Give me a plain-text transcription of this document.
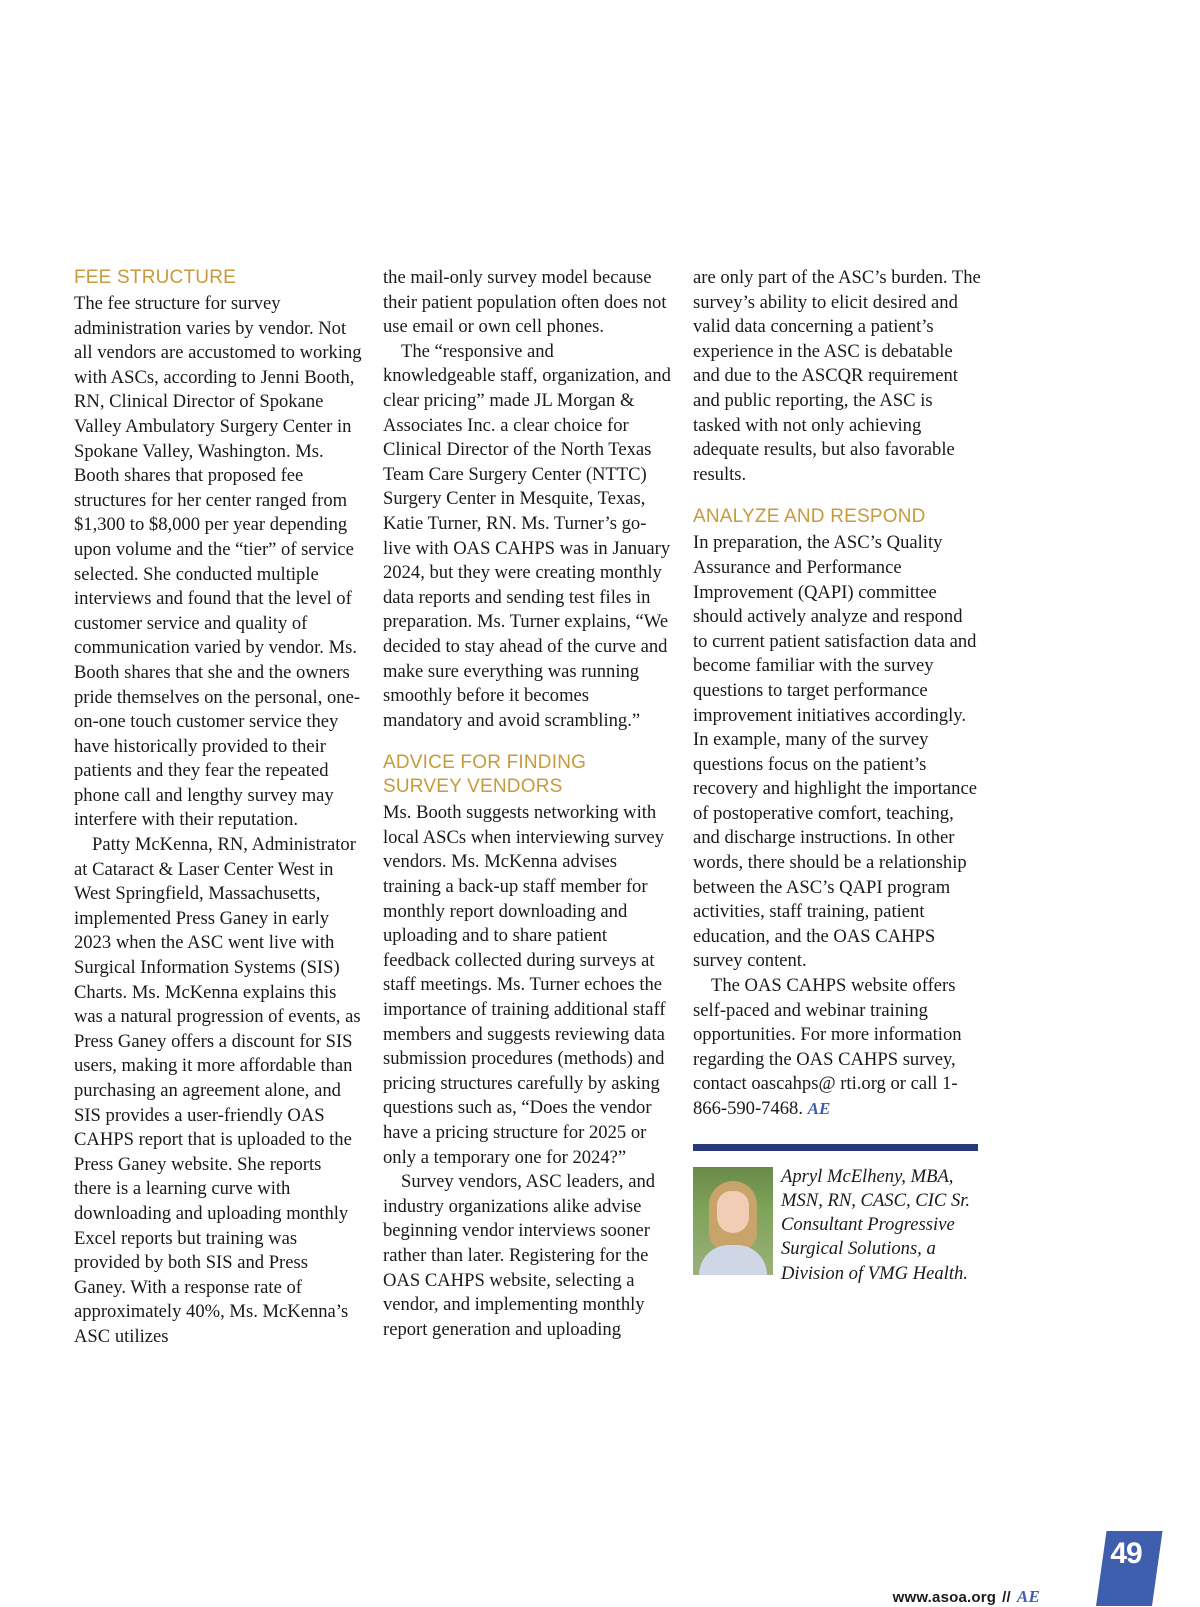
FEE STRUCTURE

The fee structure for survey administration varies by vendor. Not all vendors are accustomed to working with ASCs, according to Jenni Booth, RN, Clinical Director of Spokane Valley Ambulatory Surgery Center in Spokane Valley, Washington. Ms. Booth shares that proposed fee structures for her center ranged from $1,300 to $8,000 per year depending upon volume and the “tier” of service selected. She conducted multiple interviews and found that the level of customer service and quality of communication varied by vendor. Ms. Booth shares that she and the owners pride themselves on the personal, one-on-one touch customer service they have historically provided to their patients and they fear the repeated phone call and lengthy survey may interfere with their reputation.

Patty McKenna, RN, Administrator at Cataract & Laser Center West in West Springfield, Massachusetts, implemented Press Ganey in early 2023 when the ASC went live with Surgical Information Systems (SIS) Charts. Ms. McKenna explains this was a natural progression of events, as Press Ganey offers a discount for SIS users, making it more affordable than purchasing an agreement alone, and SIS provides a user-friendly OAS CAHPS report that is uploaded to the Press Ganey website. She reports there is a learning curve with downloading and uploading monthly Excel reports but training was provided by both SIS and Press Ganey. With a response rate of approximately 40%, Ms. McKenna’s ASC utilizes

the mail-only survey model because their patient population often does not use email or own cell phones.

The “responsive and knowledgeable staff, organization, and clear pricing” made JL Morgan & Associates Inc. a clear choice for Clinical Director of the North Texas Team Care Surgery Center (NTTC) Surgery Center in Mesquite, Texas, Katie Turner, RN. Ms. Turner’s go-live with OAS CAHPS was in January 2024, but they were creating monthly data reports and sending test files in preparation. Ms. Turner explains, “We decided to stay ahead of the curve and make sure everything was running smoothly before it becomes mandatory and avoid scrambling.”

ADVICE FOR FINDING
SURVEY VENDORS

Ms. Booth suggests networking with local ASCs when interviewing survey vendors. Ms. McKenna advises training a back-up staff member for monthly report downloading and uploading and to share patient feedback collected during surveys at staff meetings. Ms. Turner echoes the importance of training additional staff members and suggests reviewing data submission procedures (methods) and pricing structures carefully by asking questions such as, “Does the vendor have a pricing structure for 2025 or only a temporary one for 2024?”

Survey vendors, ASC leaders, and industry organizations alike advise beginning vendor interviews sooner rather than later. Registering for the OAS CAHPS website, selecting a vendor, and implementing monthly report generation and uploading

are only part of the ASC’s burden. The survey’s ability to elicit desired and valid data concerning a patient’s experience in the ASC is debatable and due to the ASCQR requirement and public reporting, the ASC is tasked with not only achieving adequate results, but also favorable results.

ANALYZE AND RESPOND

In preparation, the ASC’s Quality Assurance and Performance Improvement (QAPI) committee should actively analyze and respond to current patient satisfaction data and become familiar with the survey questions to target performance improvement initiatives accordingly. In example, many of the survey questions focus on the patient’s recovery and highlight the importance of postoperative comfort, teaching, and discharge instructions. In other words, there should be a relationship between the ASC’s QAPI program activities, staff training, patient education, and the OAS CAHPS survey content.

The OAS CAHPS website offers self-paced and webinar training opportunities. For more information regarding the OAS CAHPS survey, contact oascahps@ rti.org or call 1-866-590-7468. AE

Apryl McElheny, MBA, MSN, RN, CASC, CIC Sr. Consultant Progressive Surgical Solutions, a Division of VMG Health.

www.asoa.org // AE
49
